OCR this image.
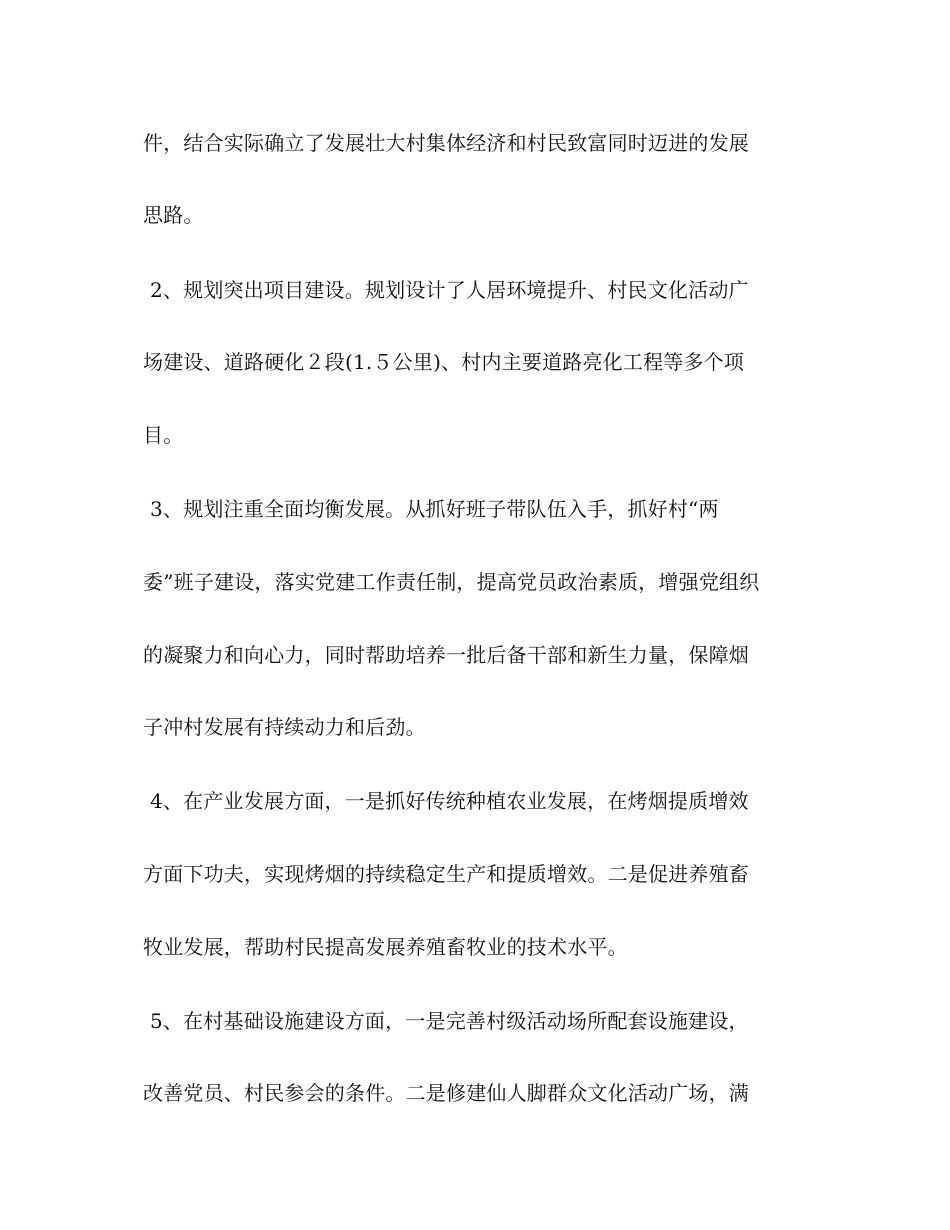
件，结合实际确立了发展壮大村集体经济和村民致富同时迈进的发展
思路。
2、规划突出项目建设。规划设计了人居环境提升、村民文化活动广
场建设、道路硬化２段(1.５公里)、村内主要道路亮化工程等多个项
目。
3、规划注重全面均衡发展。从抓好班子带队伍入手，抓好村“两
委”班子建设，落实党建工作责任制，提高党员政治素质，增强党组织
的凝聚力和向心力，同时帮助培养一批后备干部和新生力量，保障烟
子冲村发展有持续动力和后劲。
4、在产业发展方面，一是抓好传统种植农业发展，在烤烟提质增效
方面下功夫，实现烤烟的持续稳定生产和提质增效。二是促进养殖畜
牧业发展，帮助村民提高发展养殖畜牧业的技术水平。
5、在村基础设施建设方面，一是完善村级活动场所配套设施建设，
改善党员、村民参会的条件。二是修建仙人脚群众文化活动广场，满
